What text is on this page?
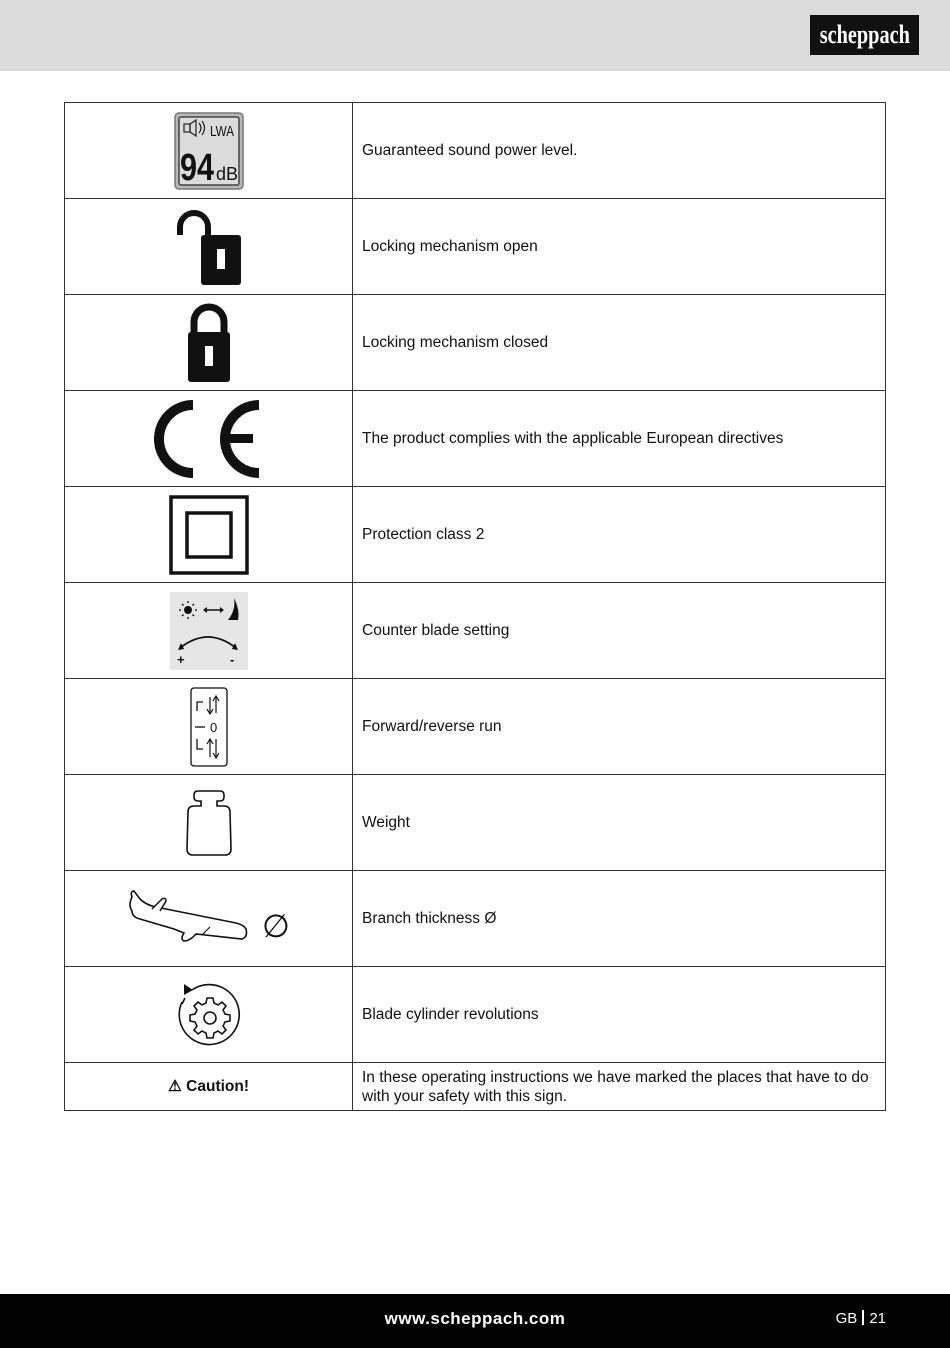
scheppach
LWA
94 dB	Guaranteed sound power level.

	Locking mechanism open

	Locking mechanism closed

	The product complies with the applicable European directives

	Protection class 2

+ -	Counter blade setting

0	Forward/reverse run

	Weight

∅	Branch thickness Ø

	Blade cylinder revolutions
⚠ Caution!	In these operating instructions we have marked the places that have to do with your safety with this sign.
www.scheppach.com	GB 21
